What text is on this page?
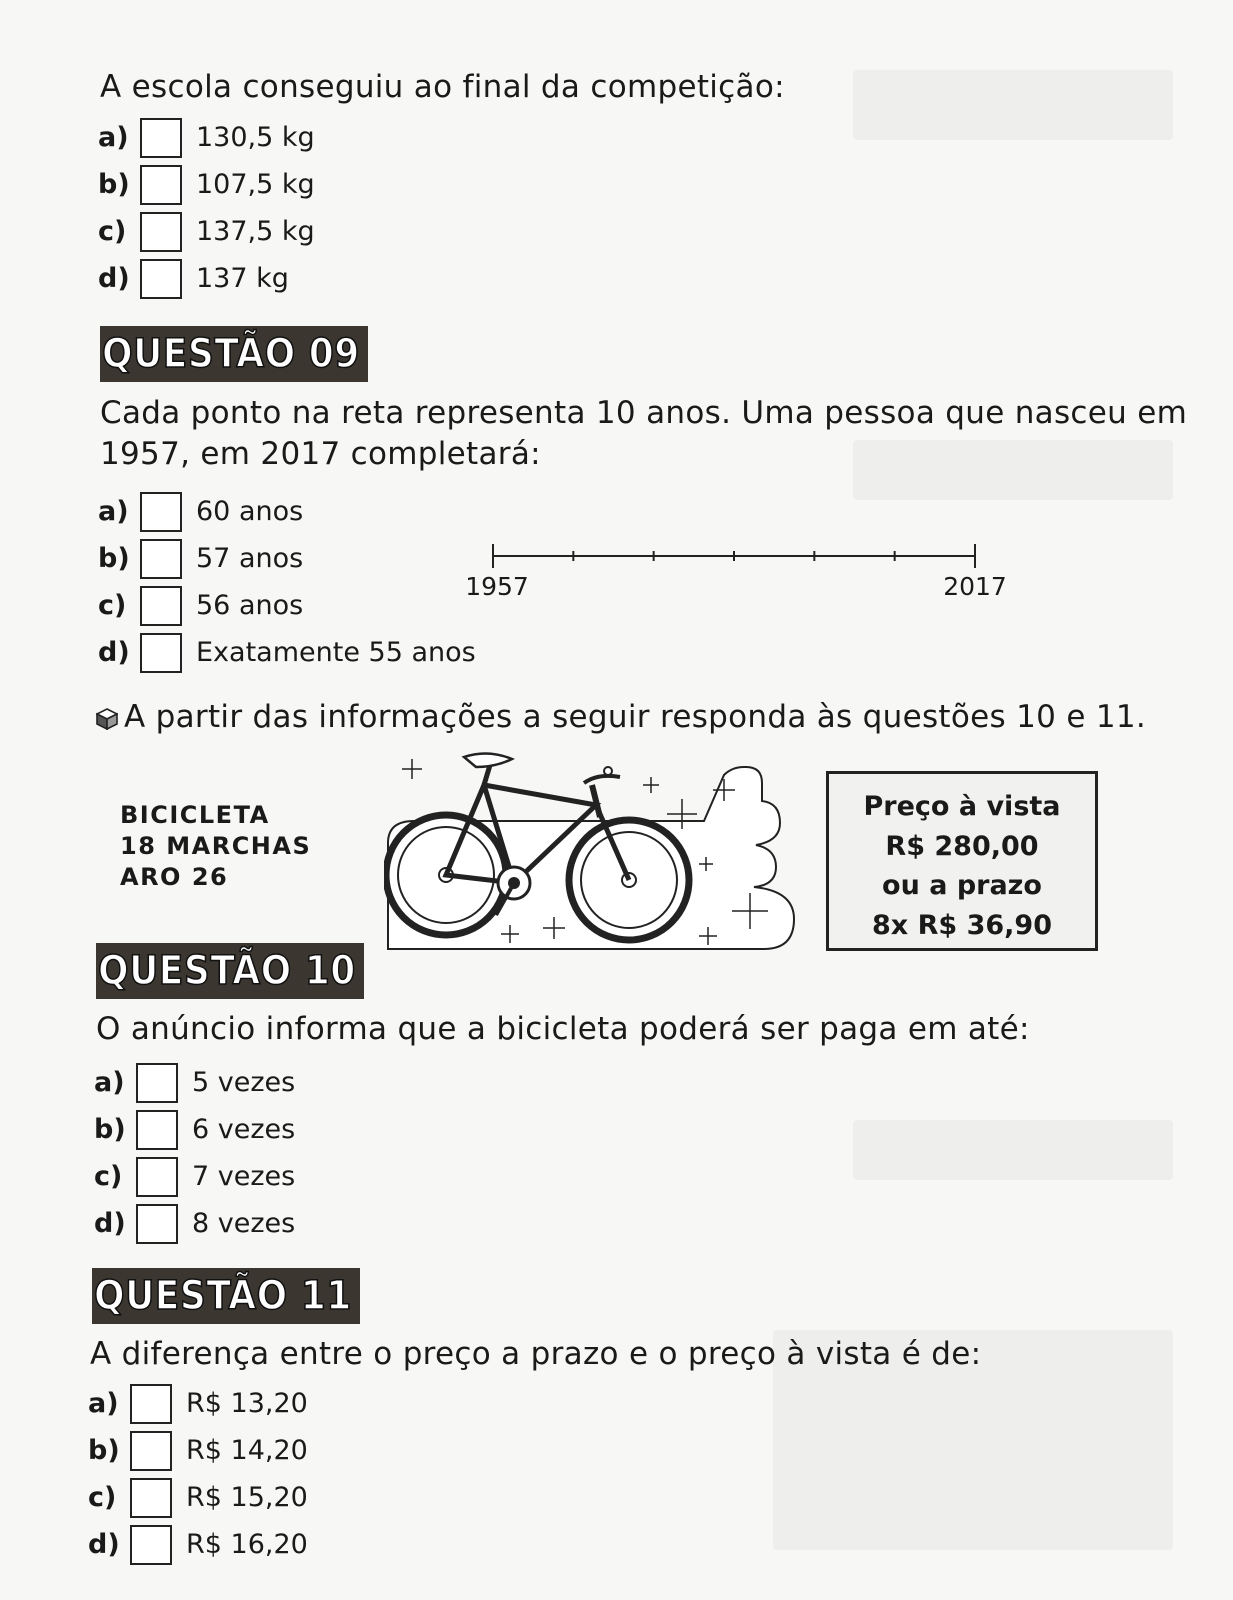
A escola conseguiu ao final da competição:
a)	130,5 kg
b)	107,5 kg
c)	137,5 kg
d)	137 kg
QUESTÃO 09
Cada ponto na reta representa 10 anos. Uma pessoa que nasceu em
1957, em 2017 completará:
a)	60 anos
b)	57 anos
c)	56 anos
d)	Exatamente 55 anos
1957	2017
A partir das informações a seguir responda às questões 10 e 11.
BICICLETA
18 MARCHAS
ARO 26
Preço à vista
R$ 280,00
ou a prazo
8x R$ 36,90
QUESTÃO 10
O anúncio informa que a bicicleta poderá ser paga em até:
a)	5 vezes
b)	6 vezes
c)	7 vezes
d)	8 vezes
QUESTÃO 11
A diferença entre o preço a prazo e o preço à vista é de:
a)	R$ 13,20
b)	R$ 14,20
c)	R$ 15,20
d)	R$ 16,20
